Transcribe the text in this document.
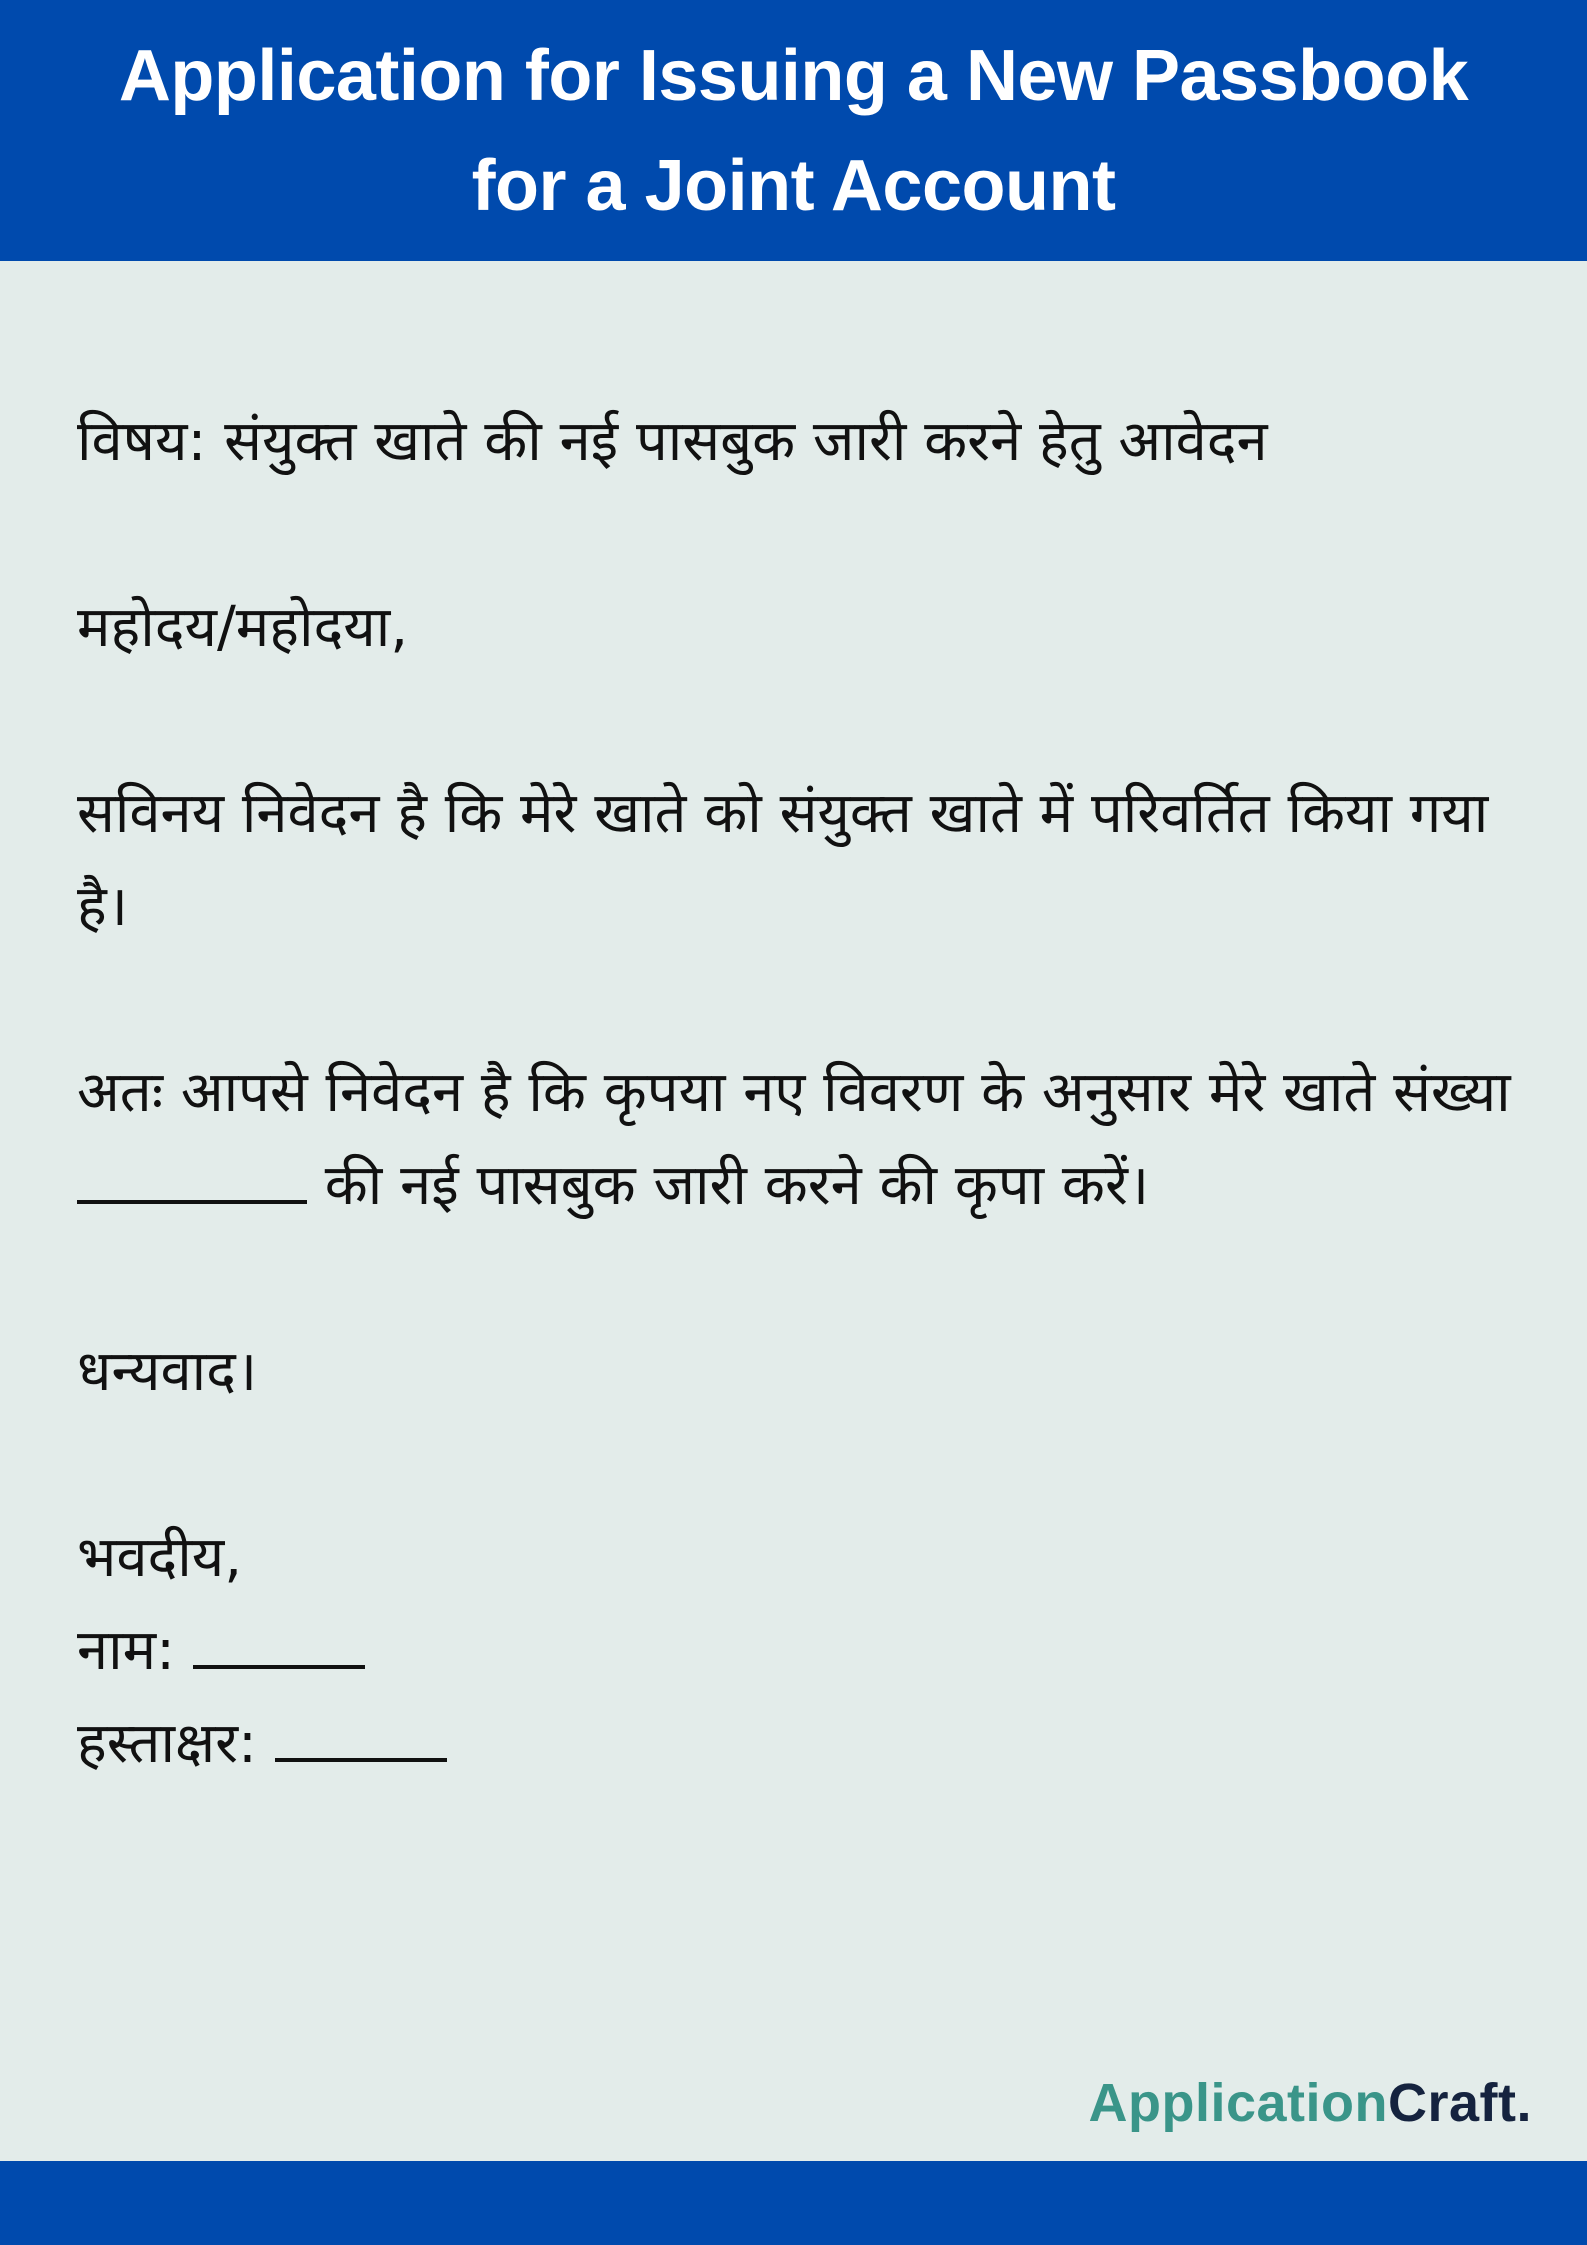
Application for Issuing a New Passbook
for a Joint Account

विषय: संयुक्त खाते की नई पासबुक जारी करने हेतु आवेदन

महोदय/महोदया,

सविनय निवेदन है कि मेरे खाते को संयुक्त खाते में परिवर्तित किया गया है।

अतः आपसे निवेदन है कि कृपया नए विवरण के अनुसार मेरे खाते संख्या  की नई पासबुक जारी करने की कृपा करें।

धन्यवाद।

भवदीय,

नाम:

हस्ताक्षर:

ApplicationCraft.
